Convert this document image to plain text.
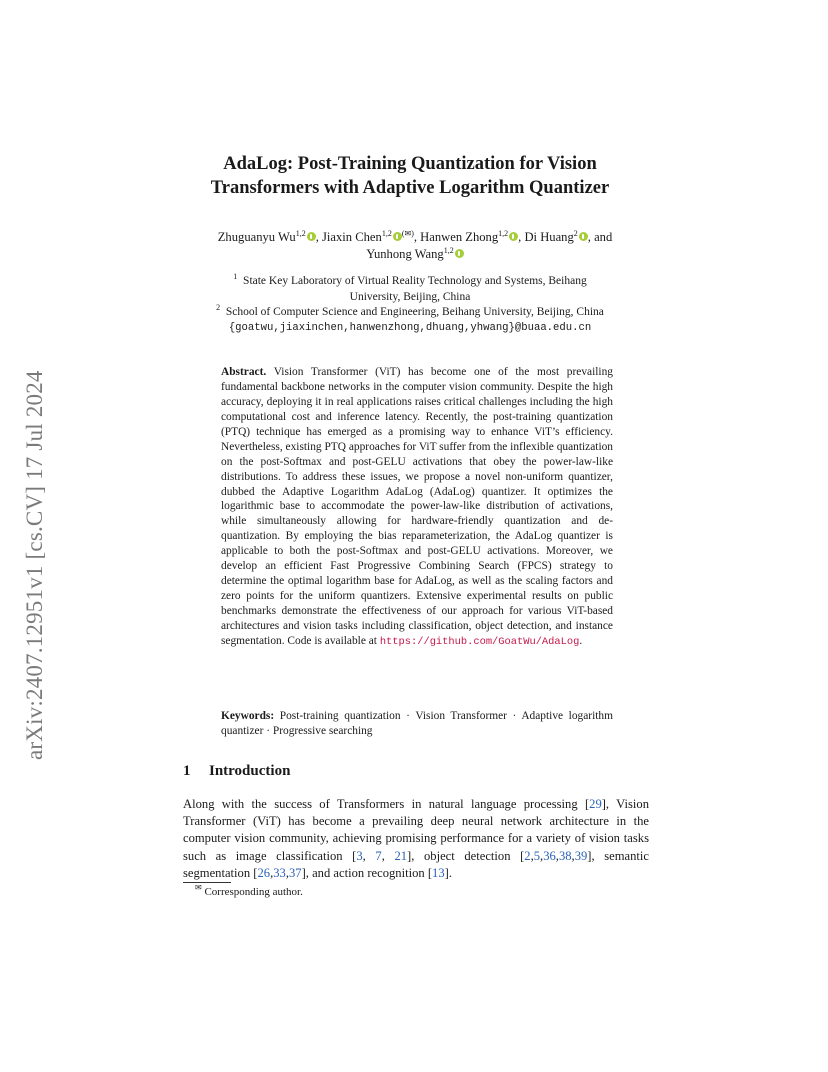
arXiv:2407.12951v1 [cs.CV] 17 Jul 2024
AdaLog: Post-Training Quantization for Vision
Transformers with Adaptive Logarithm Quantizer
Zhuguanyu Wu$^{1,2}$ , Jiaxin Chen$^{1,2}$ (✉), Hanwen Zhong$^{1,2}$ , Di Huang$^2$ , and
Yunhong Wang$^{1,2}$
$^1$ State Key Laboratory of Virtual Reality Technology and Systems, Beihang
University, Beijing, China
$^2$ School of Computer Science and Engineering, Beihang University, Beijing, China
{goatwu,jiaxinchen,hanwenzhong,dhuang,yhwang}@buaa.edu.cn
Abstract. Vision Transformer (ViT) has become one of the most prevailing fundamental backbone networks in the computer vision community. Despite the high accuracy, deploying it in real applications raises critical challenges including the high computational cost and inference latency. Recently, the post-training quantization (PTQ) technique has emerged as a promising way to enhance ViT’s efficiency. Nevertheless, existing PTQ approaches for ViT suffer from the inflexible quantization on the post-Softmax and post-GELU activations that obey the power-law-like distributions. To address these issues, we propose a novel non-uniform quantizer, dubbed the Adaptive Logarithm AdaLog (AdaLog) quantizer. It optimizes the logarithmic base to accommodate the power-law-like distribution of activations, while simultaneously allowing for hardware-friendly quantization and de-quantization. By employing the bias reparameterization, the AdaLog quantizer is applicable to both the post-Softmax and post-GELU activations. Moreover, we develop an efficient Fast Progressive Combining Search (FPCS) strategy to determine the optimal logarithm base for AdaLog, as well as the scaling factors and zero points for the uniform quantizers. Extensive experimental results on public benchmarks demonstrate the effectiveness of our approach for various ViT-based architectures and vision tasks including classification, object detection, and instance segmentation. Code is available at https://github.com/GoatWu/AdaLog.
Keywords: Post-training quantization · Vision Transformer · Adaptive logarithm quantizer · Progressive searching
1 Introduction
Along with the success of Transformers in natural language processing [29], Vision Transformer (ViT) has become a prevailing deep neural network architecture in the computer vision community, achieving promising performance for a variety of vision tasks such as image classification [3, 7, 21], object detection [2,5,36,38,39], semantic segmentation [26,33,37], and action recognition [13].
✉ Corresponding author.
